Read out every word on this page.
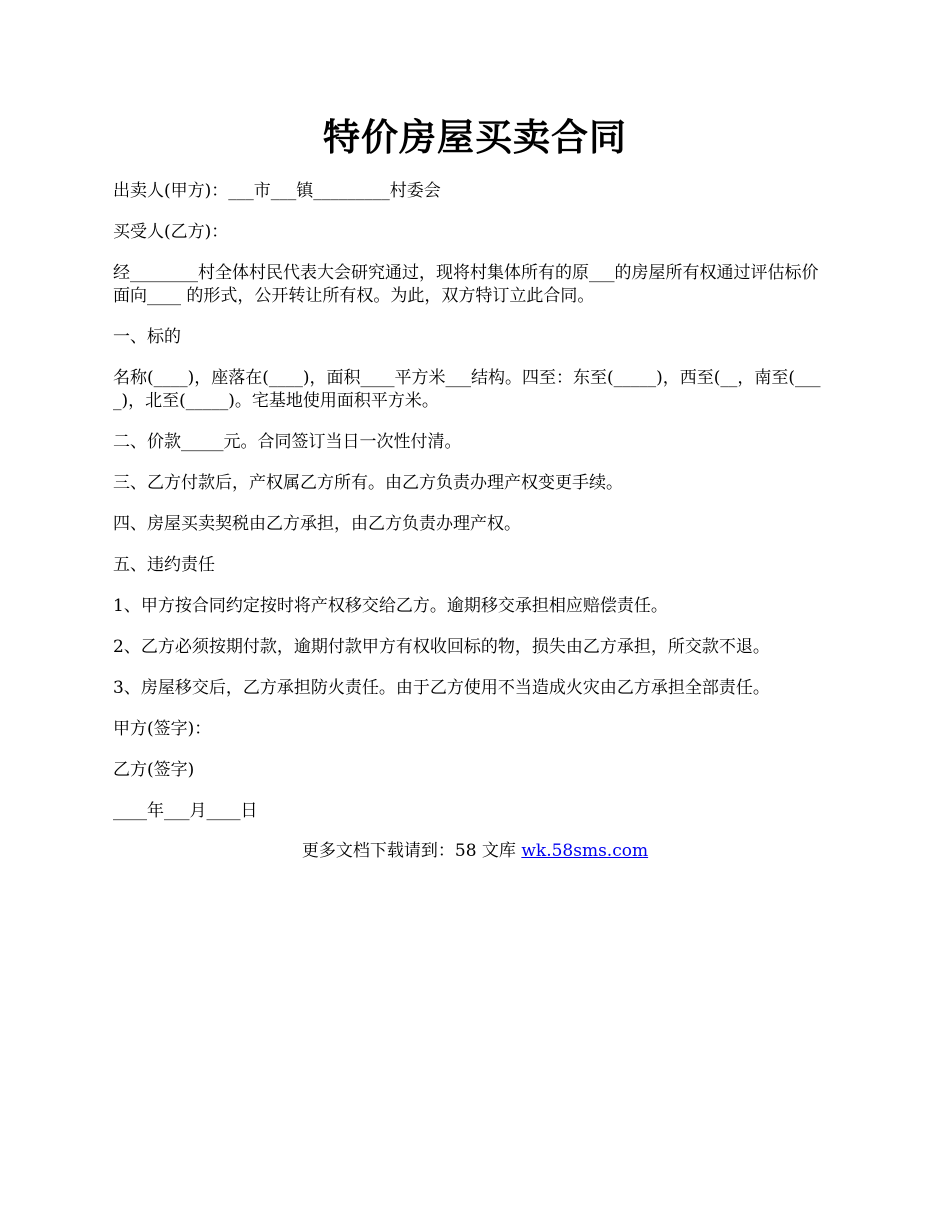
特价房屋买卖合同

出卖人(甲方)：___市___镇_________村委会

买受人(乙方)：

经________村全体村民代表大会研究通过，现将村集体所有的原___的房屋所有权通过评估标价面向____ 的形式，公开转让所有权。为此，双方特订立此合同。

一、标的

名称(____)，座落在(____)，面积____平方米___结构。四至：东至(_____)，西至(__，南至(____)，北至(_____)。宅基地使用面积平方米。

二、价款_____元。合同签订当日一次性付清。

三、乙方付款后，产权属乙方所有。由乙方负责办理产权变更手续。

四、房屋买卖契税由乙方承担，由乙方负责办理产权。

五、违约责任

1、甲方按合同约定按时将产权移交给乙方。逾期移交承担相应赔偿责任。

2、乙方必须按期付款，逾期付款甲方有权收回标的物，损失由乙方承担，所交款不退。

3、房屋移交后，乙方承担防火责任。由于乙方使用不当造成火灾由乙方承担全部责任。

甲方(签字)：

乙方(签字)

____年___月____日

更多文档下载请到：58 文库 wk.58sms.com
